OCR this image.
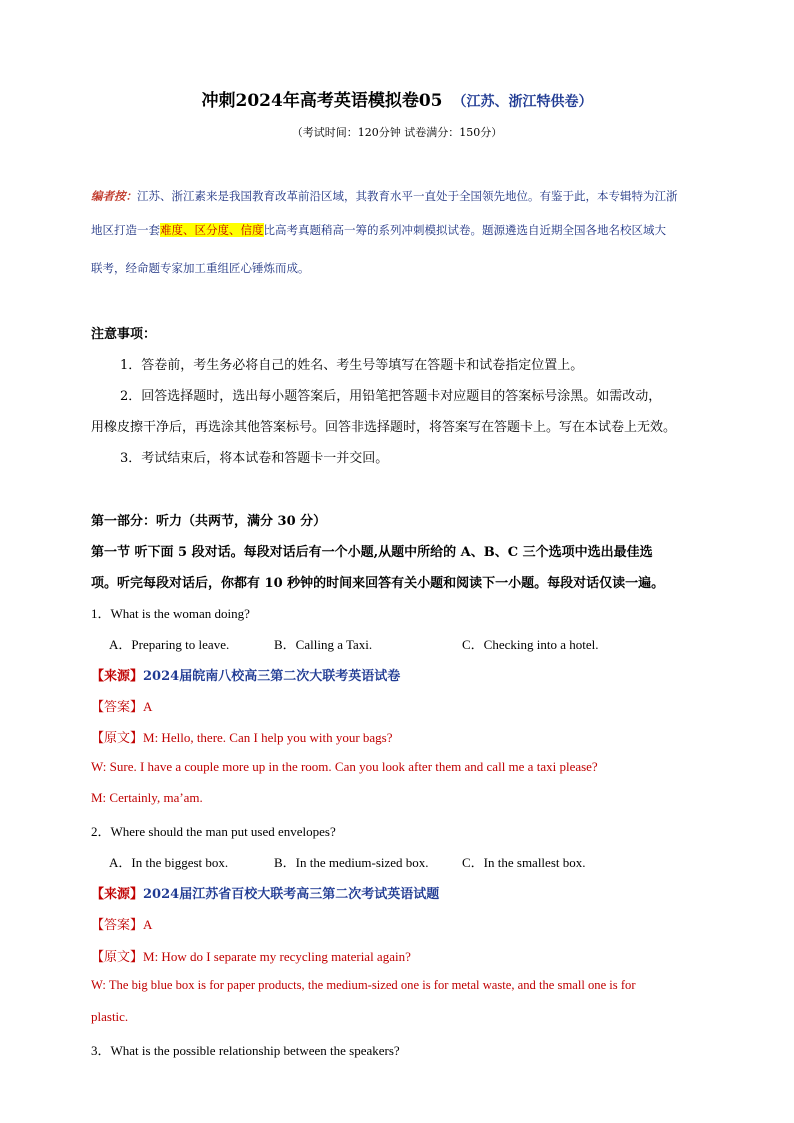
冲刺2024年高考英语模拟卷05 （江苏、浙江特供卷）
（考试时间：120分钟 试卷满分：150分）
编者按：江苏、浙江素来是我国教育改革前沿区域，其教育水平一直处于全国领先地位。有鉴于此，本专辑特为江浙
地区打造一套难度、区分度、信度比高考真题稍高一筹的系列冲刺模拟试卷。题源遴选自近期全国各地名校区域大
联考，经命题专家加工重组匠心锤炼而成。
注意事项：
1．答卷前，考生务必将自己的姓名、考生号等填写在答题卡和试卷指定位置上。
2．回答选择题时，选出每小题答案后，用铅笔把答题卡对应题目的答案标号涂黑。如需改动，
用橡皮擦干净后，再选涂其他答案标号。回答非选择题时，将答案写在答题卡上。写在本试卷上无效。
3．考试结束后，将本试卷和答题卡一并交回。
第一部分：听力（共两节，满分 30 分）
第一节 听下面 5 段对话。每段对话后有一个小题,从题中所给的 A、B、C 三个选项中选出最佳选
项。听完每段对话后，你都有 10 秒钟的时间来回答有关小题和阅读下一小题。每段对话仅读一遍。
1．What is the woman doing?
A．Preparing to leave.	B．Calling a Taxi.	C．Checking into a hotel.
【来源】2024届皖南八校高三第二次大联考英语试卷
【答案】A
【原文】M: Hello, there. Can I help you with your bags?
W: Sure. I have a couple more up in the room. Can you look after them and call me a taxi please?
M: Certainly, ma’am.
2．Where should the man put used envelopes?
A．In the biggest box.	B．In the medium-sized box.	C．In the smallest box.
【来源】2024届江苏省百校大联考高三第二次考试英语试题
【答案】A
【原文】M: How do I separate my recycling material again?
W: The big blue box is for paper products, the medium-sized one is for metal waste, and the small one is for
plastic.
3．What is the possible relationship between the speakers?
